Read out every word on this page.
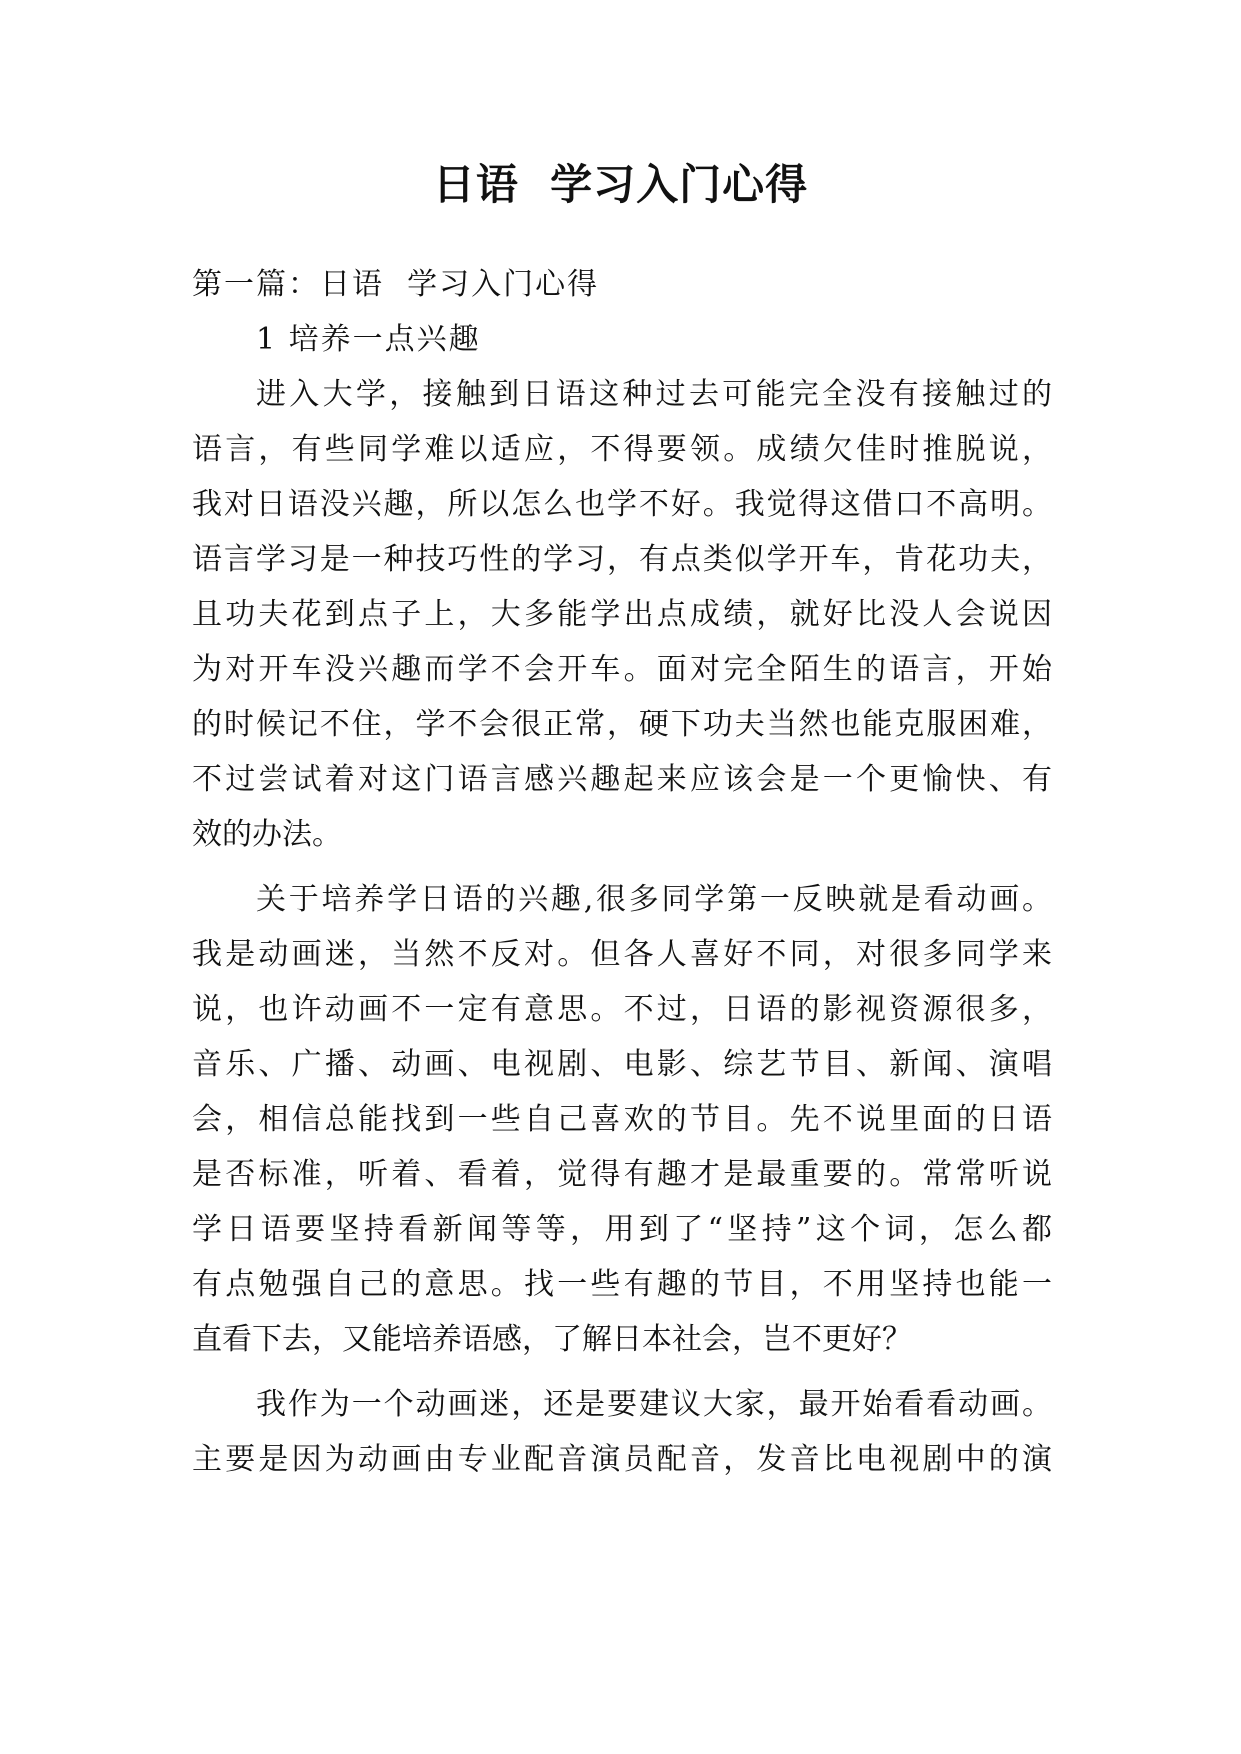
日语  学习入门心得
第一篇：日语  学习入门心得
1 培养一点兴趣
进入大学，接触到日语这种过去可能完全没有接触过的
语言，有些同学难以适应，不得要领。成绩欠佳时推脱说，
我对日语没兴趣，所以怎么也学不好。我觉得这借口不高明。
语言学习是一种技巧性的学习，有点类似学开车，肯花功夫，
且功夫花到点子上，大多能学出点成绩，就好比没人会说因
为对开车没兴趣而学不会开车。面对完全陌生的语言，开始
的时候记不住，学不会很正常，硬下功夫当然也能克服困难，
不过尝试着对这门语言感兴趣起来应该会是一个更愉快、有
效的办法。
关于培养学日语的兴趣,很多同学第一反映就是看动画。
我是动画迷，当然不反对。但各人喜好不同，对很多同学来
说，也许动画不一定有意思。不过，日语的影视资源很多，
音乐、广播、动画、电视剧、电影、综艺节目、新闻、演唱
会，相信总能找到一些自己喜欢的节目。先不说里面的日语
是否标准，听着、看着，觉得有趣才是最重要的。常常听说
学日语要坚持看新闻等等，用到了“坚持”这个词，怎么都
有点勉强自己的意思。找一些有趣的节目，不用坚持也能一
直看下去，又能培养语感，了解日本社会，岂不更好？
我作为一个动画迷，还是要建议大家，最开始看看动画。
主要是因为动画由专业配音演员配音，发音比电视剧中的演
